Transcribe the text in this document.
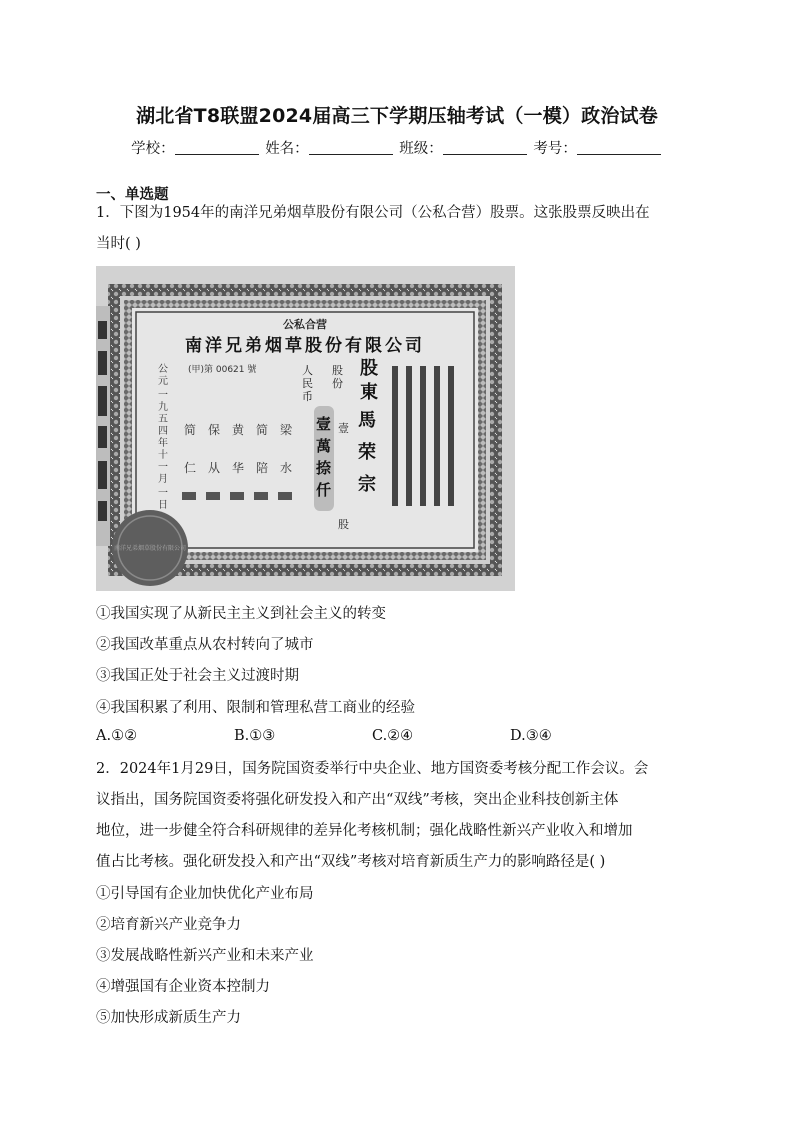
湖北省T8联盟2024届高三下学期压轴考试（一模）政治试卷
学校：	姓名：	班级：	考号：
一、单选题
1．下图为1954年的南洋兄弟烟草股份有限公司（公私合营）股票。这张股票反映出在
当时( )
公私合营
南洋兄弟烟草股份有限公司
(甲)第 00621 號
公
元
一
九
五
四
年
十
一
月
一
日
简
仁
保
从
黄
华
简
陪
梁
水
人
民
币
壹
萬
捺
仟
股
份
壹
股
股
東
馬
荣
宗
南洋兄弟烟草股份有限公司
①我国实现了从新民主主义到社会主义的转变
②我国改革重点从农村转向了城市
③我国正处于社会主义过渡时期
④我国积累了利用、限制和管理私营工商业的经验
A.①②	B.①③	C.②④	D.③④
2．2024年1月29日，国务院国资委举行中央企业、地方国资委考核分配工作会议。会
议指出，国务院国资委将强化研发投入和产出“双线”考核，突出企业科技创新主体
地位，进一步健全符合科研规律的差异化考核机制；强化战略性新兴产业收入和增加
值占比考核。强化研发投入和产出“双线”考核对培育新质生产力的影响路径是( )
①引导国有企业加快优化产业布局
②培育新兴产业竞争力
③发展战略性新兴产业和未来产业
④增强国有企业资本控制力
⑤加快形成新质生产力
